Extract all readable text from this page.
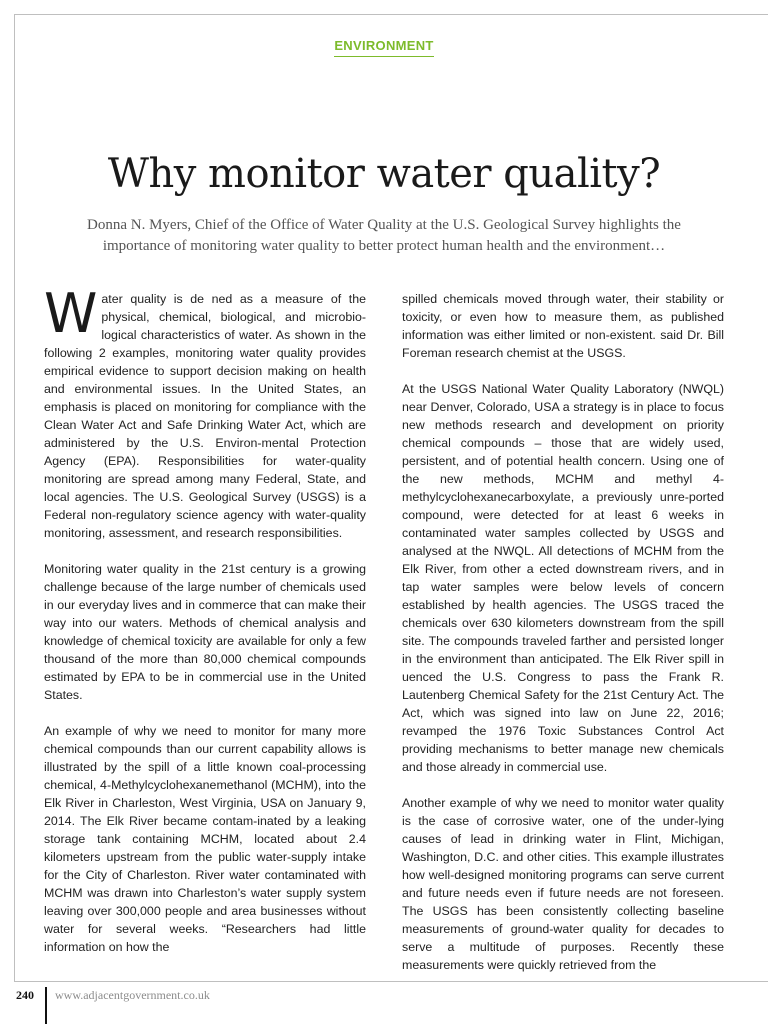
ENVIRONMENT
Why monitor water quality?

Donna N. Myers, Chief of the Office of Water Quality at the U.S. Geological Survey highlights the importance of monitoring water quality to better protect human health and the environment…

Water quality is de ned as a measure of the physical, chemical, biological, and microbio-logical characteristics of water. As shown in the following 2 examples, monitoring water quality provides empirical evidence to support decision making on health and environmental issues. In the United States, an emphasis is placed on monitoring for compliance with the Clean Water Act and Safe Drinking Water Act, which are administered by the U.S. Environ-mental Protection Agency (EPA). Responsibilities for water-quality monitoring are spread among many Federal, State, and local agencies. The U.S. Geological Survey (USGS) is a Federal non-regulatory science agency with water-quality monitoring, assessment, and research responsibilities.

Monitoring water quality in the 21st century is a growing challenge because of the large number of chemicals used in our everyday lives and in commerce that can make their way into our waters. Methods of chemical analysis and knowledge of chemical toxicity are available for only a few thousand of the more than 80,000 chemical compounds estimated by EPA to be in commercial use in the United States.

An example of why we need to monitor for many more chemical compounds than our current capability allows is illustrated by the spill of a little known coal-processing chemical, 4-Methylcyclohexanemethanol (MCHM), into the Elk River in Charleston, West Virginia, USA on January 9, 2014. The Elk River became contam-inated by a leaking storage tank containing MCHM, located about 2.4 kilometers upstream from the public water-supply intake for the City of Charleston. River water contaminated with MCHM was drawn into Charleston’s water supply system leaving over 300,000 people and area businesses without water for several weeks. “Researchers had little information on how the

spilled chemicals moved through water, their stability or toxicity, or even how to measure them, as published information was either limited or non-existent. said Dr. Bill Foreman research chemist at the USGS.

At the USGS National Water Quality Laboratory (NWQL) near Denver, Colorado, USA a strategy is in place to focus new methods research and development on priority chemical compounds – those that are widely used, persistent, and of potential health concern. Using one of the new methods, MCHM and methyl 4-methylcyclohexanecarboxylate, a previously unre-ported compound, were detected for at least 6 weeks in contaminated water samples collected by USGS and analysed at the NWQL. All detections of MCHM from the Elk River, from other a ected downstream rivers, and in tap water samples were below levels of concern established by health agencies. The USGS traced the chemicals over 630 kilometers downstream from the spill site. The compounds traveled farther and persisted longer in the environment than anticipated. The Elk River spill in uenced the U.S. Congress to pass the Frank R. Lautenberg Chemical Safety for the 21st Century Act. The Act, which was signed into law on June 22, 2016; revamped the 1976 Toxic Substances Control Act providing mechanisms to better manage new chemicals and those already in commercial use.

Another example of why we need to monitor water quality is the case of corrosive water, one of the under-lying causes of lead in drinking water in Flint, Michigan, Washington, D.C. and other cities. This example illustrates how well-designed monitoring programs can serve current and future needs even if future needs are not foreseen. The USGS has been consistently collecting baseline measurements of ground-water quality for decades to serve a multitude of purposes. Recently these measurements were quickly retrieved from the

240 www.adjacentgovernment.co.uk
